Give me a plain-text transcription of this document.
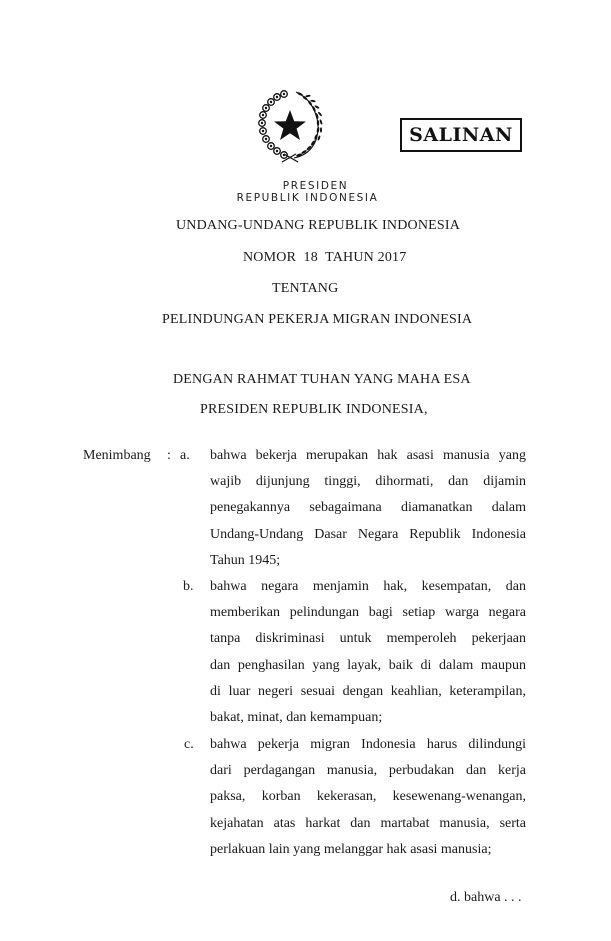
SALINAN
PRESIDEN
REPUBLIK INDONESIA
UNDANG-UNDANG REPUBLIK INDONESIA
NOMOR  18  TAHUN 2017
TENTANG
PELINDUNGAN PEKERJA MIGRAN INDONESIA
DENGAN RAHMAT TUHAN YANG MAHA ESA
PRESIDEN REPUBLIK INDONESIA,
Menimbang : a. bahwa bekerja merupakan hak asasi manusia yang
wajib dijunjung tinggi, dihormati, dan dijamin
penegakannya sebagaimana diamanatkan dalam
Undang-Undang Dasar Negara Republik Indonesia
Tahun 1945;
b. bahwa negara menjamin hak, kesempatan, dan
memberikan pelindungan bagi setiap warga negara
tanpa diskriminasi untuk memperoleh pekerjaan
dan penghasilan yang layak, baik di dalam maupun
di luar negeri sesuai dengan keahlian, keterampilan,
bakat, minat, dan kemampuan;
c. bahwa pekerja migran Indonesia harus dilindungi
dari perdagangan manusia, perbudakan dan kerja
paksa, korban kekerasan, kesewenang-wenangan,
kejahatan atas harkat dan martabat manusia, serta
perlakuan lain yang melanggar hak asasi manusia;
d. bahwa . . .
